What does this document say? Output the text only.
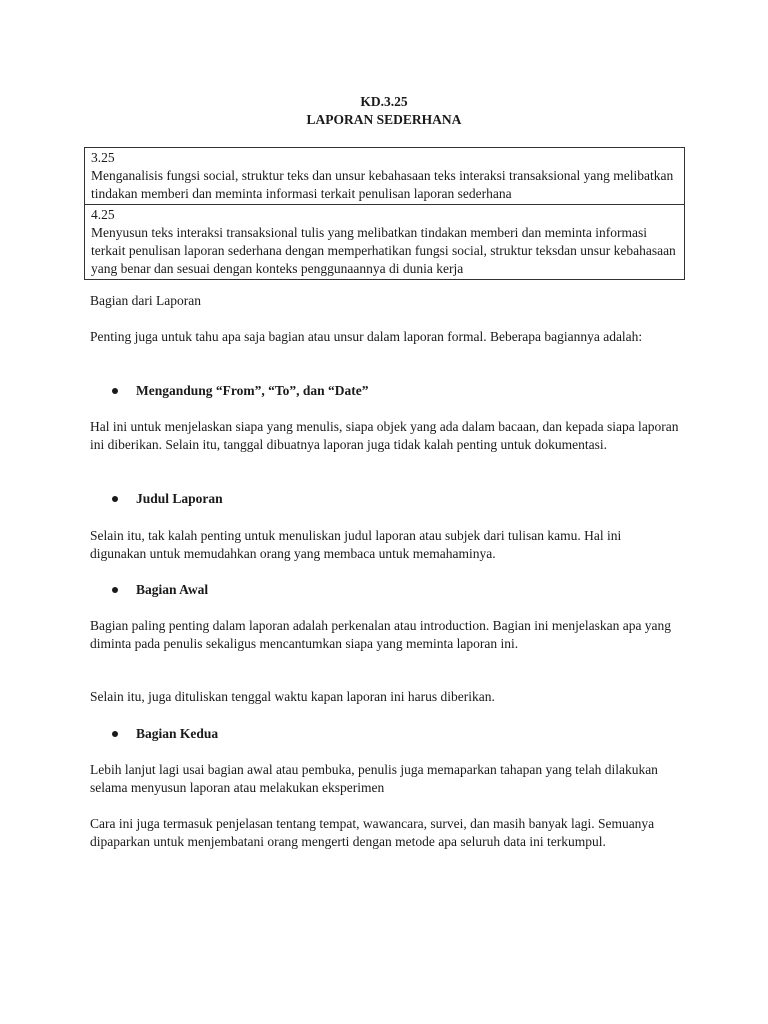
KD.3.25
LAPORAN SEDERHANA
3.25
Menganalisis fungsi social, struktur teks dan unsur kebahasaan teks interaksi transaksional yang melibatkan tindakan memberi dan meminta informasi terkait penulisan laporan sederhana

4.25
Menyusun teks interaksi transaksional tulis yang melibatkan tindakan memberi dan meminta informasi terkait penulisan laporan sederhana dengan memperhatikan fungsi social, struktur teksdan unsur kebahasaan yang benar dan sesuai dengan konteks penggunaannya di dunia kerja

Bagian dari Laporan

Penting juga untuk tahu apa saja bagian atau unsur dalam laporan formal. Beberapa bagiannya adalah:

Mengandung “From”, “To”, dan “Date”

Hal ini untuk menjelaskan siapa yang menulis, siapa objek yang ada dalam bacaan, dan kepada siapa laporan ini diberikan. Selain itu, tanggal dibuatnya laporan juga tidak kalah penting untuk dokumentasi.

Judul Laporan

Selain itu, tak kalah penting untuk menuliskan judul laporan atau subjek dari tulisan kamu. Hal ini digunakan untuk memudahkan orang yang membaca untuk memahaminya.

Bagian Awal

Bagian paling penting dalam laporan adalah perkenalan atau introduction. Bagian ini menjelaskan apa yang diminta pada penulis sekaligus mencantumkan siapa yang meminta laporan ini.

Selain itu, juga dituliskan tenggal waktu kapan laporan ini harus diberikan.

Bagian Kedua

Lebih lanjut lagi usai bagian awal atau pembuka, penulis juga memaparkan tahapan yang telah dilakukan selama menyusun laporan atau melakukan eksperimen

Cara ini juga termasuk penjelasan tentang tempat, wawancara, survei, dan masih banyak lagi. Semuanya dipaparkan untuk menjembatani orang mengerti dengan metode apa seluruh data ini terkumpul.
